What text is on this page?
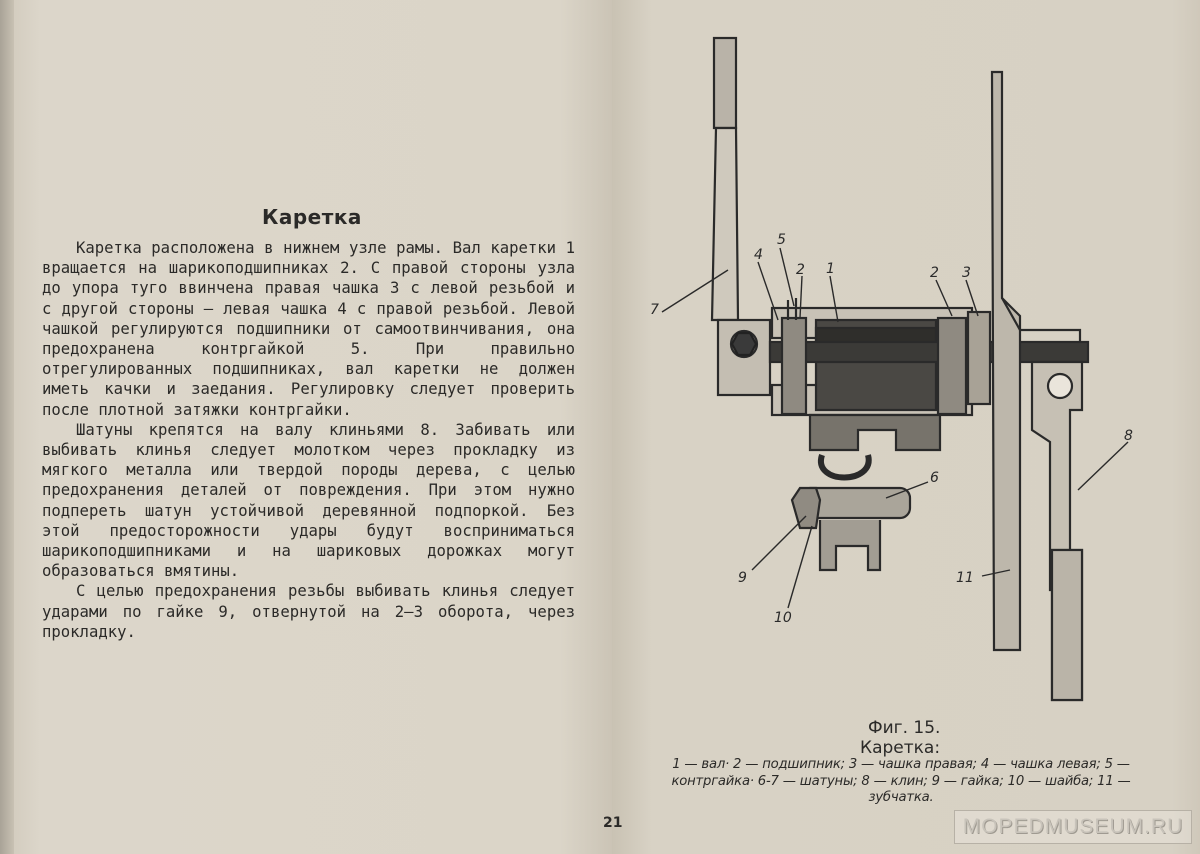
Каретка

Каретка расположена в нижнем узле рамы. Вал каретки 1 вращается на шарикоподшипниках 2. С правой стороны узла до упора туго ввинчена правая чашка 3 с левой резьбой и с другой стороны — левая чашка 4 с правой резьбой. Левой чашкой регулируются подшипники от самоотвинчивания, она предохранена контргайкой 5. При правильно отрегулированных подшипниках, вал каретки не должен иметь качки и заедания. Регулировку следует проверить после плотной затяжки контргайки.

Шатуны крепятся на валу клиньями 8. Забивать или выбивать клинья следует молотком через прокладку из мягкого металла или твердой породы дерева, с целью предохранения деталей от повреждения. При этом нужно подпереть шатун устойчивой деревянной подпоркой. Без этой предосторожности удары будут восприниматься шарикоподшипниками и на шариковых дорожках могут образоваться вмятины.

С целью предохранения резьбы выбивать клинья следует ударами по гайке 9, отвернутой на 2—3 оборота, через прокладку.

7
4
5
2 1	2 3
6
8
9
10
11
Фиг. 15.
Каретка:
1 — вал· 2 — подшипник; 3 — чашка правая; 4 — чашка левая; 5 — контргайка· 6-7 — шатуны; 8 — клин; 9 — гайка; 10 — шайба; 11 — зубчатка.
21	MOPEDMUSEUM.RU
